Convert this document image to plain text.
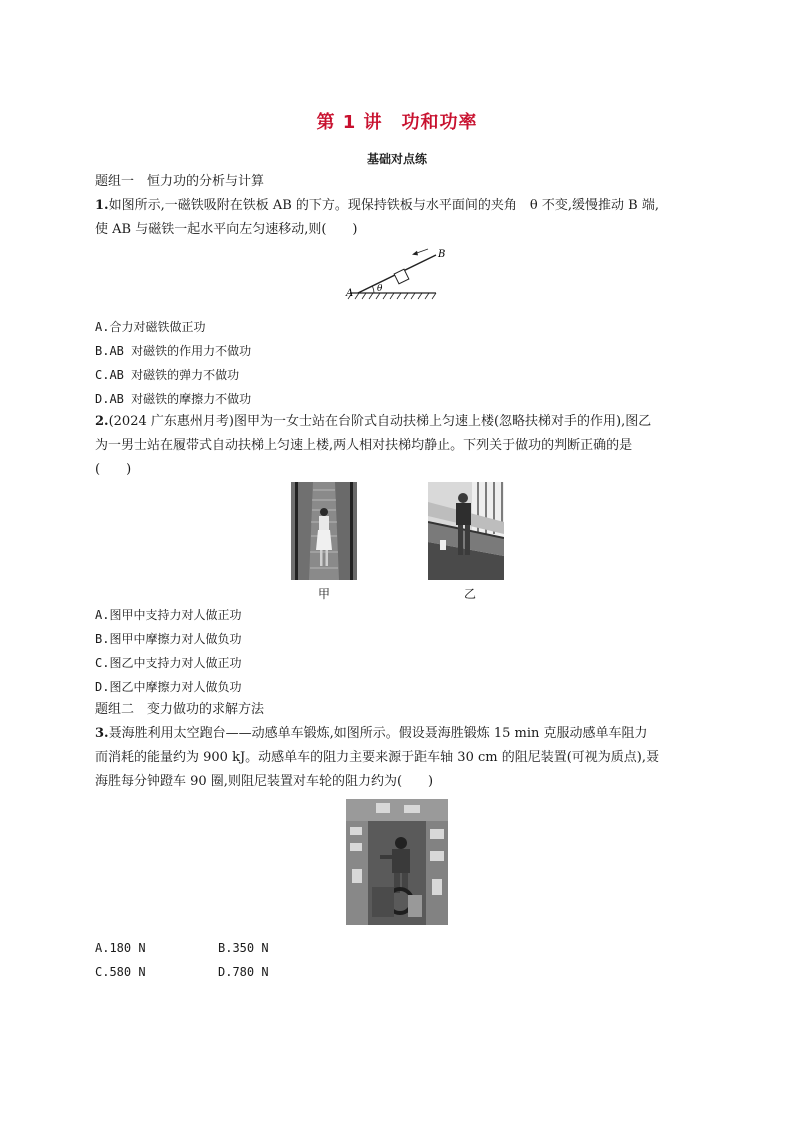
第 1 讲　功和功率
基础对点练
题组一　恒力功的分析与计算
1.如图所示,一磁铁吸附在铁板 AB 的下方。现保持铁板与水平面间的夹角　θ 不变,缓慢推动 B 端,
使 AB 与磁铁一起水平向左匀速移动,则(　　)
A
B
θ
A.合力对磁铁做正功
B.AB 对磁铁的作用力不做功
C.AB 对磁铁的弹力不做功
D.AB 对磁铁的摩擦力不做功
2.(2024 广东惠州月考)图甲为一女士站在台阶式自动扶梯上匀速上楼(忽略扶梯对手的作用),图乙
为一男士站在履带式自动扶梯上匀速上楼,两人相对扶梯均静止。下列关于做功的判断正确的是
(　　)
甲	乙
A.图甲中支持力对人做正功
B.图甲中摩擦力对人做负功
C.图乙中支持力对人做正功
D.图乙中摩擦力对人做负功
题组二　变力做功的求解方法
3.聂海胜利用太空跑台——动感单车锻炼,如图所示。假设聂海胜锻炼 15 min 克服动感单车阻力
而消耗的能量约为 900 kJ。动感单车的阻力主要来源于距车轴 30 cm 的阻尼装置(可视为质点),聂
海胜每分钟蹬车 90 圈,则阻尼装置对车轮的阻力约为(　　)
A.180 N	B.350 N
C.580 N	D.780 N
